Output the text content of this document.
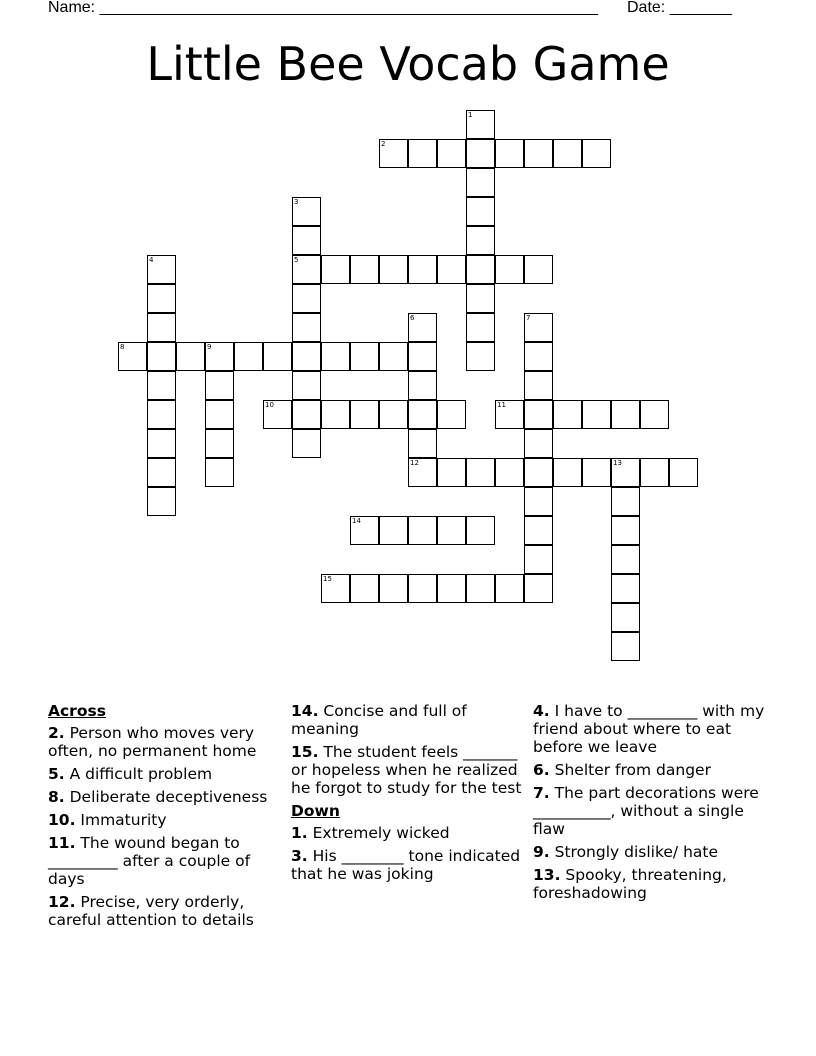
Name: ________________________________________________________ Date: _______
Little Bee Vocab Game
1
2
3
5
4
6
12
7
8	9
10	11
13
14
15
Across
2. Person who moves very often, no permanent home
5. A difficult problem
8. Deliberate deceptiveness
10. Immaturity
11. The wound began to _________ after a couple of days
12. Precise, very orderly, careful attention to details
14. Concise and full of meaning
15. The student feels _______ or hopeless when he realized he forgot to study for the test
Down
1. Extremely wicked
3. His ________ tone indicated that he was joking
4. I have to _________ with my friend about where to eat before we leave
6. Shelter from danger
7. The part decorations were __________, without a single flaw
9. Strongly dislike/ hate
13. Spooky, threatening, foreshadowing
